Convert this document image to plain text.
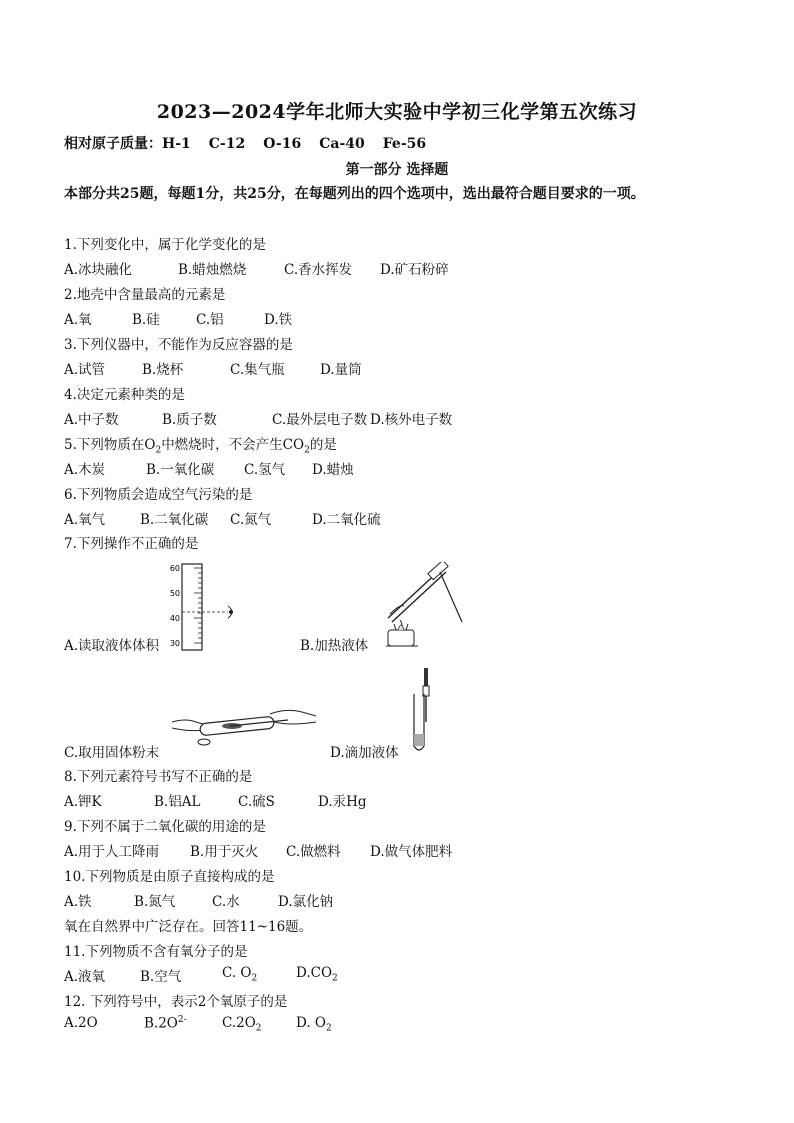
2023—2024学年北师大实验中学初三化学第五次练习
相对原子质量：H-1 C-12 O-16 Ca-40 Fe-56
第一部分 选择题
本部分共25题，每题1分，共25分，在每题列出的四个选项中，选出最符合题目要求的一项。
1.下列变化中，属于化学变化的是
A.冰块融化	B.蜡烛燃烧	C.香水挥发 D.矿石粉碎
2.地壳中含量最高的元素是
A.氧	B.硅	C.铝	D.铁
3.下列仪器中，不能作为反应容器的是
A.试管	B.烧杯	C.集气瓶	D.量筒
4.决定元素种类的是
A.中子数	B.质子数	C.最外层电子数 D.核外电子数
5.下列物质在$O_2$中燃烧时，不会产生$CO_2$的是
A.木炭	B.一氧化碳 C.氢气 D.蜡烛
6.下列物质会造成空气污染的是
A.氧气	B.二氧化碳 C.氮气	D.二氧化硫
7.下列操作不正确的是
60
50
40
30
A.读取液体体积	B.加热液体
C.取用固体粉末	D.滴加液体
8.下列元素符号书写不正确的是
A.钾K	B.铝AL	C.硫S	D.汞Hg
9.下列不属于二氧化碳的用途的是
A.用于人工降雨 B.用于灭火 C.做燃料 D.做气体肥料
10.下列物质是由原子直接构成的是
A.铁	B.氮气	C.水	D.氯化钠
氧在自然界中广泛存在。回答11~16题。
11.下列物质不含有氧分子的是
A.液氧	B.空气	C. $O_2$	$D.CO_2$
12. 下列符号中，表示2个氧原子的是
A.2O	$B.2O^{2-}$	$C.2O_2$	D. $O_2$
